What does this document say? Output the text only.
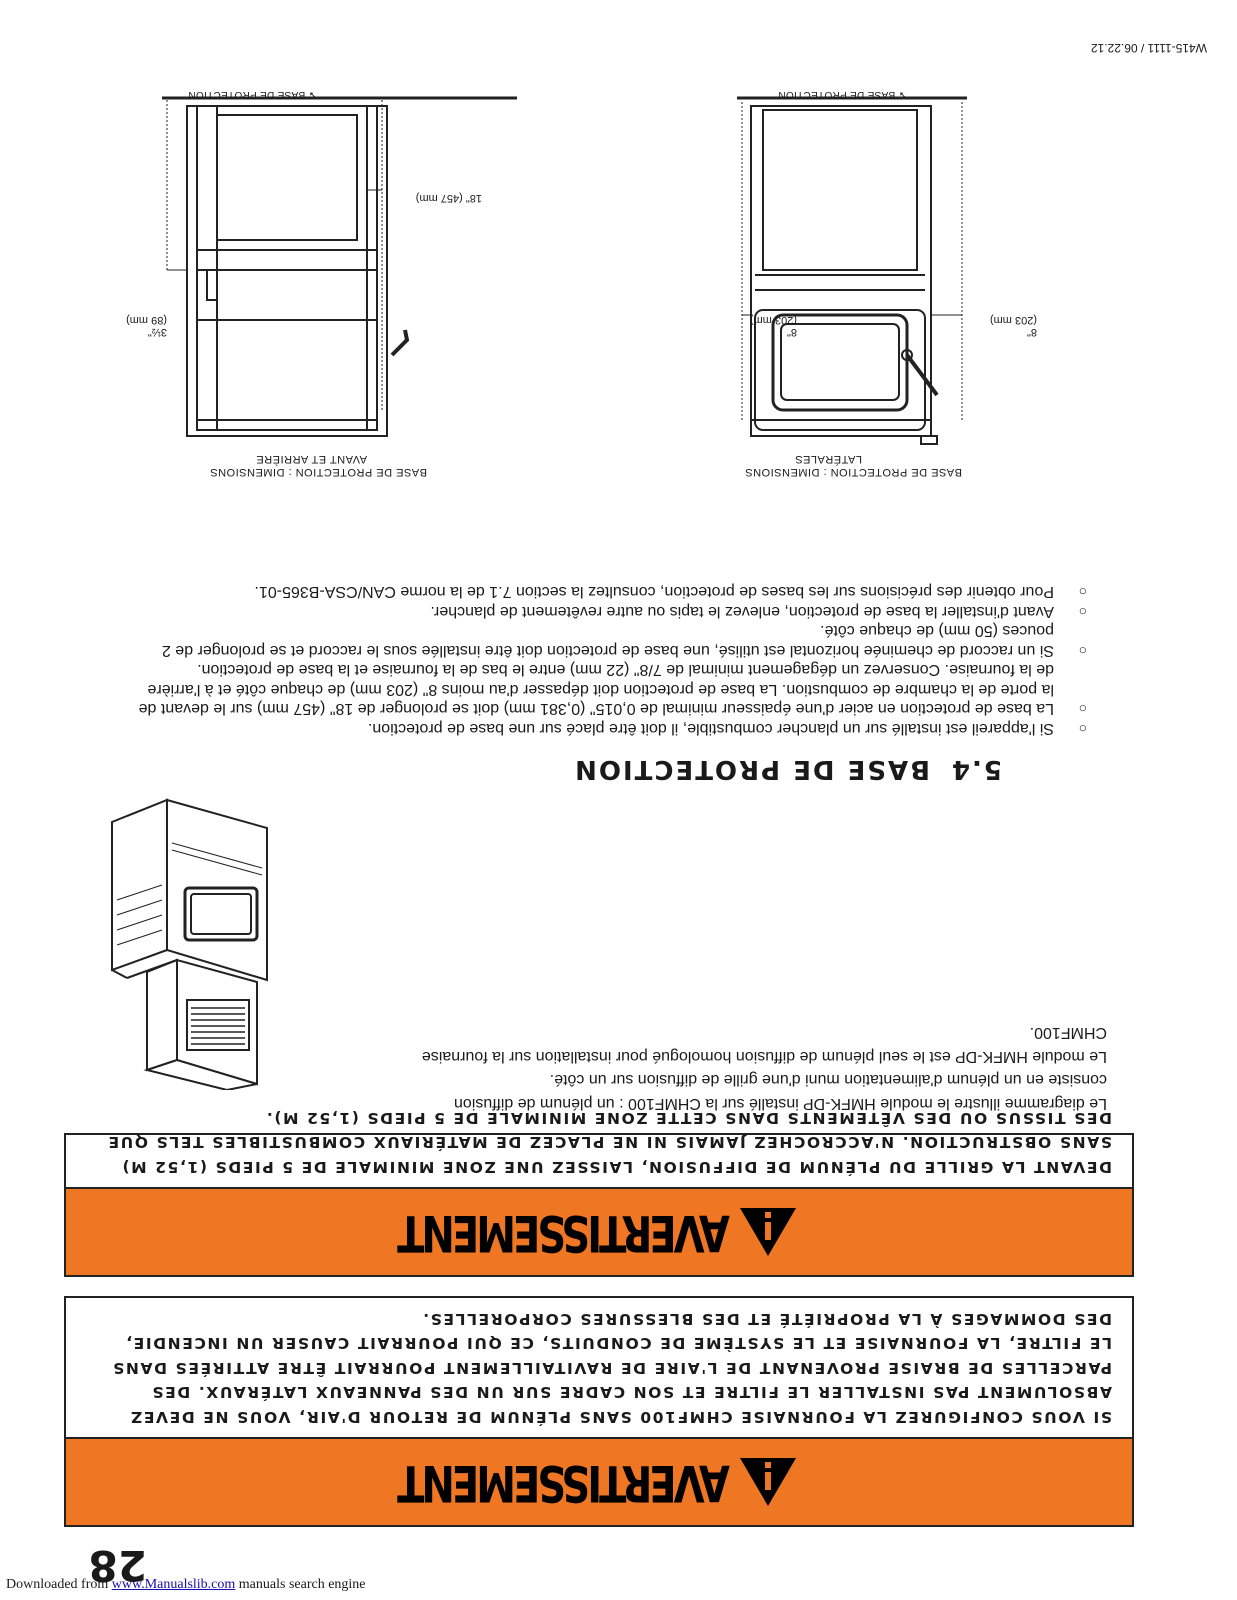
W415-1111 / 06.22.12
28
AVERTISSEMENT
SI VOUS CONFIGUREZ LA FOURNAISE CHMF100 SANS PLÉNUM DE RETOUR D'AIR, VOUS NE DEVEZ ABSOLUMENT PAS INSTALLER LE FILTRE ET SON CADRE SUR UN DES PANNEAUX LATÉRAUX. DES PARCELLES DE BRAISE PROVENANT DE L'AIRE DE RAVITAILLEMENT POURRAIT ÊTRE ATTIRÉES DANS LE FILTRE, LA FOURNAISE ET LE SYSTÈME DE CONDUITS, CE QUI POURRAIT CAUSER UN INCENDIE, DES DOMMAGES À LA PROPRIÉTÉ ET DES BLESSURES CORPORELLES.
AVERTISSEMENT
DEVANT LA GRILLE DU PLÉNUM DE DIFFUSION, LAISSEZ UNE ZONE MINIMALE DE 5 PIEDS (1,52 M) SANS OBSTRUCTION. N'ACCROCHEZ JAMAIS NI NE PLACEZ DE MATÉRIAUX COMBUSTIBLES TELS QUE DES TISSUS OU DES VÊTEMENTS DANS CETTE ZONE MINIMALE DE 5 PIEDS (1,52 M).

Le diagramme illustre le module HMFK-DP installé sur la CHMF100 : un plénum de diffusion consiste en un plénum d'alimentation muni d'une grille de diffusion sur un côté.

Le module HMFK-DP est le seul plénum de diffusion homologué pour installation sur la fournaise CHMF100.

5.4BASE DE PROTECTION
○ Si l'appareil est installé sur un plancher combustible, il doit être placé sur une base de protection.
○ La base de protection en acier d'une épaisseur minimal de 0,015" (0,381 mm) doit se prolonger de 18" (457 mm) sur le devant de la porte de la chambre de combustion. La base de protection doit dépasser d'au moins 8" (203 mm) de chaque côté et à l'arrière de la fournaise. Conservez un dégagement minimal de 7/8" (22 mm) entre le bas de la fournaise et la base de protection.
○ Si un raccord de cheminée horizontal est utilisé, une base de protection doit être installée sous le raccord et se prolonger de 2 pouces (50 mm) de chaque côté.
○ Avant d'installer la base de protection, enlevez le tapis ou autre revêtement de plancher.
○ Pour obtenir des précisions sur les bases de protection, consultez la section 7.1 de la norme CAN/CSA-B365-01.
BASE DE PROTECTION : DIMENSIONS
LATÉRALES
8"
(203 mm)
8"
(203 mm)
➘ BASE DE PROTECTION
BASE DE PROTECTION : DIMENSIONS
AVANT ET ARRIÈRE
3½"
(89 mm)
18" (457 mm)
➘ BASE DE PROTECTION
Downloaded from www.Manualslib.com manuals search engine
